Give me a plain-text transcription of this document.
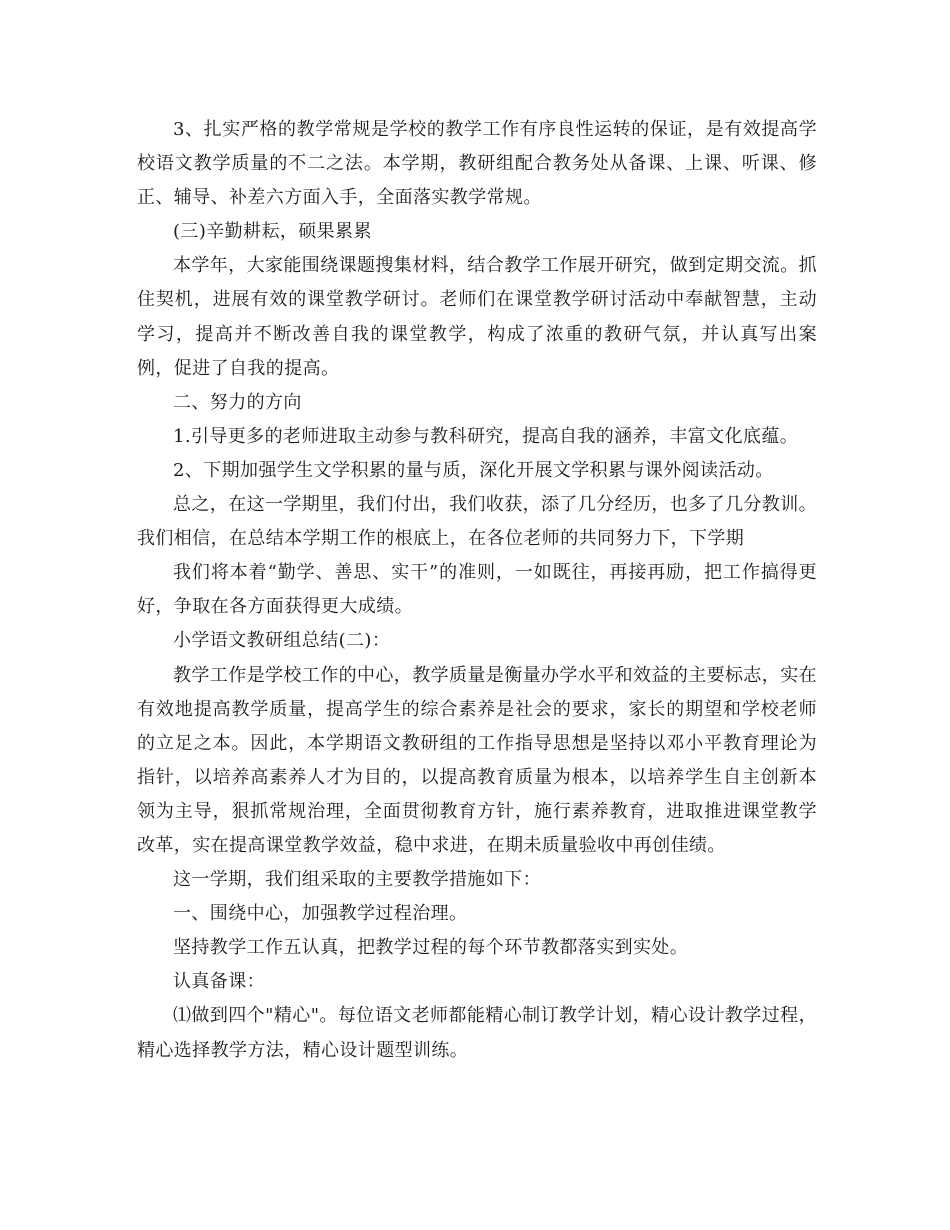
3、扎实严格的教学常规是学校的教学工作有序良性运转的保证，是有效提高学校语文教学质量的不二之法。本学期，教研组配合教务处从备课、上课、听课、修正、辅导、补差六方面入手，全面落实教学常规。

(三)辛勤耕耘，硕果累累

本学年，大家能围绕课题搜集材料，结合教学工作展开研究，做到定期交流。抓住契机，进展有效的课堂教学研讨。老师们在课堂教学研讨活动中奉献智慧，主动学习，提高并不断改善自我的课堂教学，构成了浓重的教研气氛，并认真写出案例，促进了自我的提高。

二、努力的方向

1.引导更多的老师进取主动参与教科研究，提高自我的涵养，丰富文化底蕴。

2、下期加强学生文学积累的量与质，深化开展文学积累与课外阅读活动。

总之，在这一学期里，我们付出，我们收获，添了几分经历，也多了几分教训。我们相信，在总结本学期工作的根底上，在各位老师的共同努力下，下学期

我们将本着“勤学、善思、实干”的准则，一如既往，再接再励，把工作搞得更好，争取在各方面获得更大成绩。

小学语文教研组总结(二)：

教学工作是学校工作的中心，教学质量是衡量办学水平和效益的主要标志，实在有效地提高教学质量，提高学生的综合素养是社会的要求，家长的期望和学校老师的立足之本。因此，本学期语文教研组的工作指导思想是坚持以邓小平教育理论为指针，以培养高素养人才为目的，以提高教育质量为根本，以培养学生自主创新本领为主导，狠抓常规治理，全面贯彻教育方针，施行素养教育，进取推进课堂教学改革，实在提高课堂教学效益，稳中求进，在期未质量验收中再创佳绩。

这一学期，我们组采取的主要教学措施如下：

一、围绕中心，加强教学过程治理。

坚持教学工作五认真，把教学过程的每个环节教都落实到实处。

认真备课：

⑴做到四个"精心"。每位语文老师都能精心制订教学计划，精心设计教学过程，精心选择教学方法，精心设计题型训练。
